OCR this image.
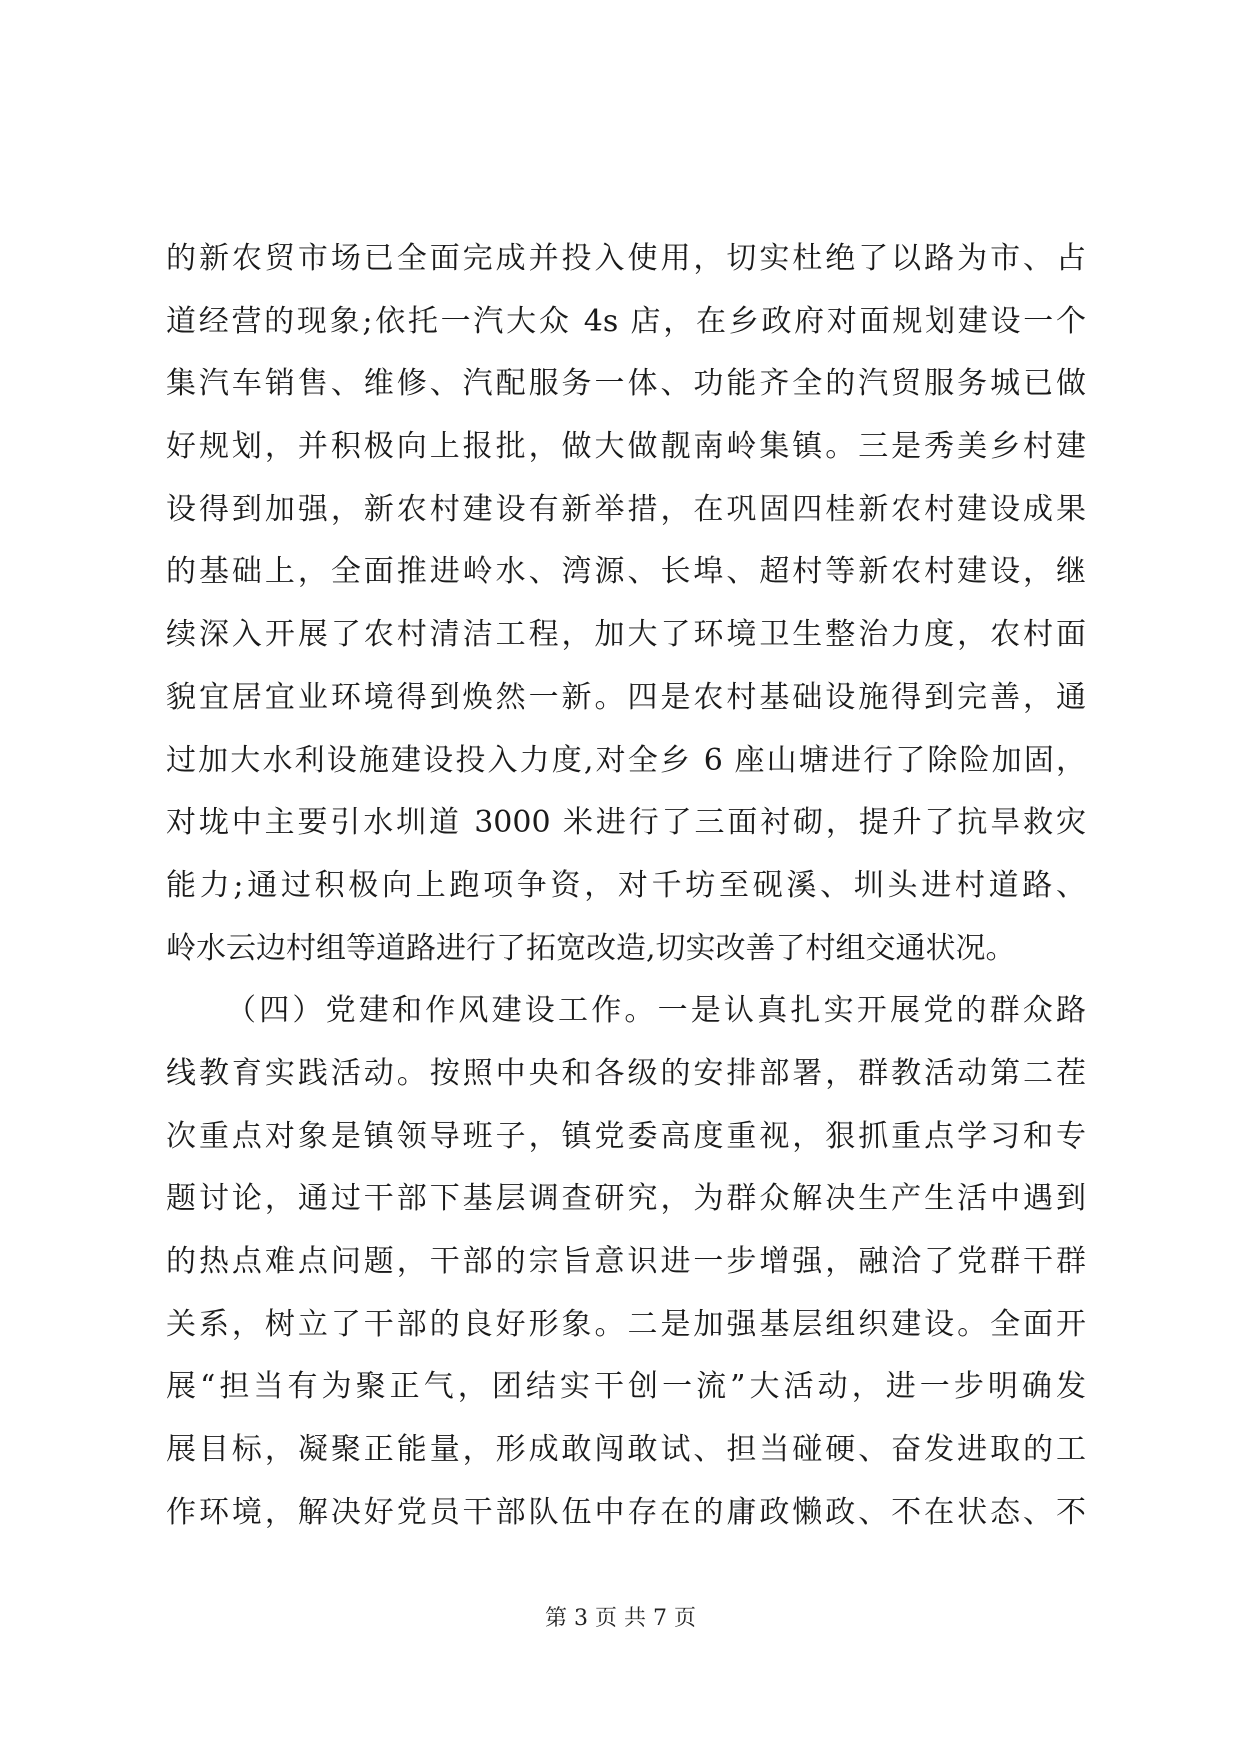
的新农贸市场已全面完成并投入使用，切实杜绝了以路为市、占
道经营的现象;依托一汽大众 4s 店，在乡政府对面规划建设一个
集汽车销售、维修、汽配服务一体、功能齐全的汽贸服务城已做
好规划，并积极向上报批，做大做靓南岭集镇。三是秀美乡村建
设得到加强，新农村建设有新举措，在巩固四桂新农村建设成果
的基础上，全面推进岭水、湾源、长埠、超村等新农村建设，继
续深入开展了农村清洁工程，加大了环境卫生整治力度，农村面
貌宜居宜业环境得到焕然一新。四是农村基础设施得到完善，通
过加大水利设施建设投入力度,对全乡 6 座山塘进行了除险加固，
对垅中主要引水圳道 3000 米进行了三面衬砌，提升了抗旱救灾
能力;通过积极向上跑项争资，对千坊至砚溪、圳头进村道路、
岭水云边村组等道路进行了拓宽改造,切实改善了村组交通状况。
（四）党建和作风建设工作。一是认真扎实开展党的群众路
线教育实践活动。按照中央和各级的安排部署，群教活动第二茬
次重点对象是镇领导班子，镇党委高度重视，狠抓重点学习和专
题讨论，通过干部下基层调查研究，为群众解决生产生活中遇到
的热点难点问题，干部的宗旨意识进一步增强，融洽了党群干群
关系，树立了干部的良好形象。二是加强基层组织建设。全面开
展“担当有为聚正气，团结实干创一流”大活动，进一步明确发
展目标，凝聚正能量，形成敢闯敢试、担当碰硬、奋发进取的工
作环境，解决好党员干部队伍中存在的庸政懒政、不在状态、不
第 3 页 共 7 页
